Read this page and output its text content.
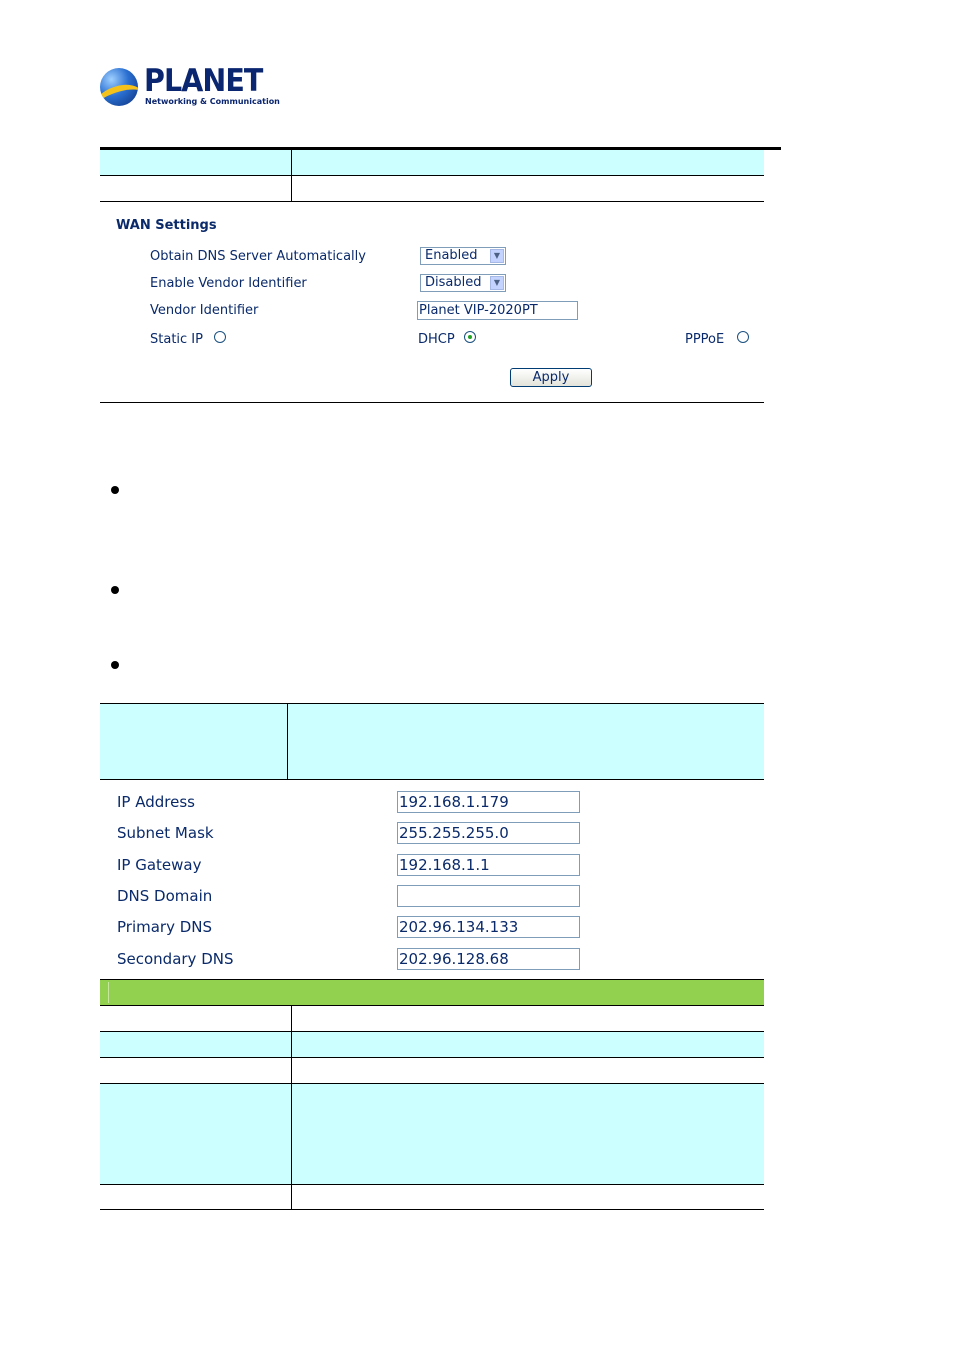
PLANET
Networking & Communication
WAN Settings
Obtain DNS Server Automatically	Enabled	▼
Enable Vendor Identifier	Disabled	▼
Vendor Identifier	Planet VIP-2020PT
Static IP	DHCP	PPPoE
Apply
IP Address	192.168.1.179
Subnet Mask	255.255.255.0
IP Gateway	192.168.1.1
DNS Domain
Primary DNS	202.96.134.133
Secondary DNS	202.96.128.68
